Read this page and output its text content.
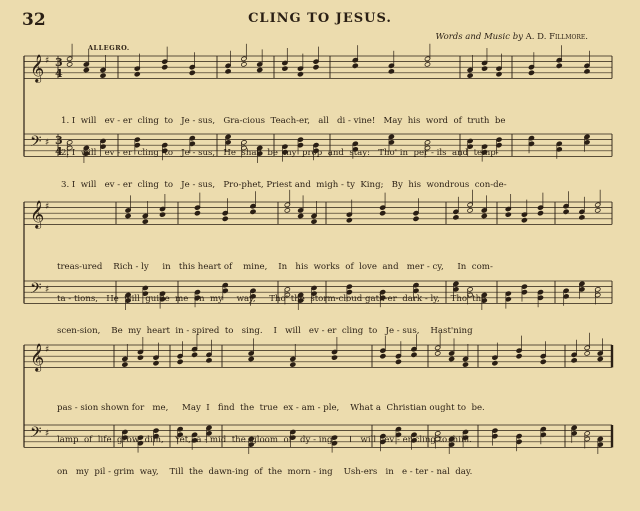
32	CLING TO JESUS.
Words and Music by A. D. Fillmore.
ALLEGRO.
𝄞
𝄢
♯
♯
3
4
3
4
𝄞
𝄢
♯
♯
𝄞
𝄢
♯
♯

1. I  will   ev - er  cling  to   Je - sus,   Gra-cious  Teach-er,   all   di - vine!   May  his  word  of  truth  be

2. I  will   ev - er  cling  to   Je - sus,   He  shall  be  my  prop  and  stay:   Tho' in  per - ils  and  temp-

3. I  will   ev - er  cling  to   Je - sus,   Pro-phet, Priest and  migh - ty  King;   By  his  wondrous  con-de-

treas-ured    Rich - ly     in   this heart of    mine,    In   his  works  of  love  and   mer - cy,     In  com-

ta - tions,   He  will  guide  me  on  my     way,     Tho' the  storm-cloud gath-er  dark - ly,    Tho' the

scen-sion,    Be  my  heart  in - spired  to   sing.    I   will   ev - er  cling  to   Je - sus,    Hast'ning

pas - sion shown for   me,     May  I   find  the  true  ex - am - ple,    What a  Christian ought to  be.

lamp  of  life  grow  dim,    Yet,  a - mid  the  gloom  of   dy - ing,     I   will   ev - er cling to  him.

on   my  pil - grim  way,    Till  the  dawn-ing  of  the  morn - ing    Ush-ers   in   e - ter - nal  day.
